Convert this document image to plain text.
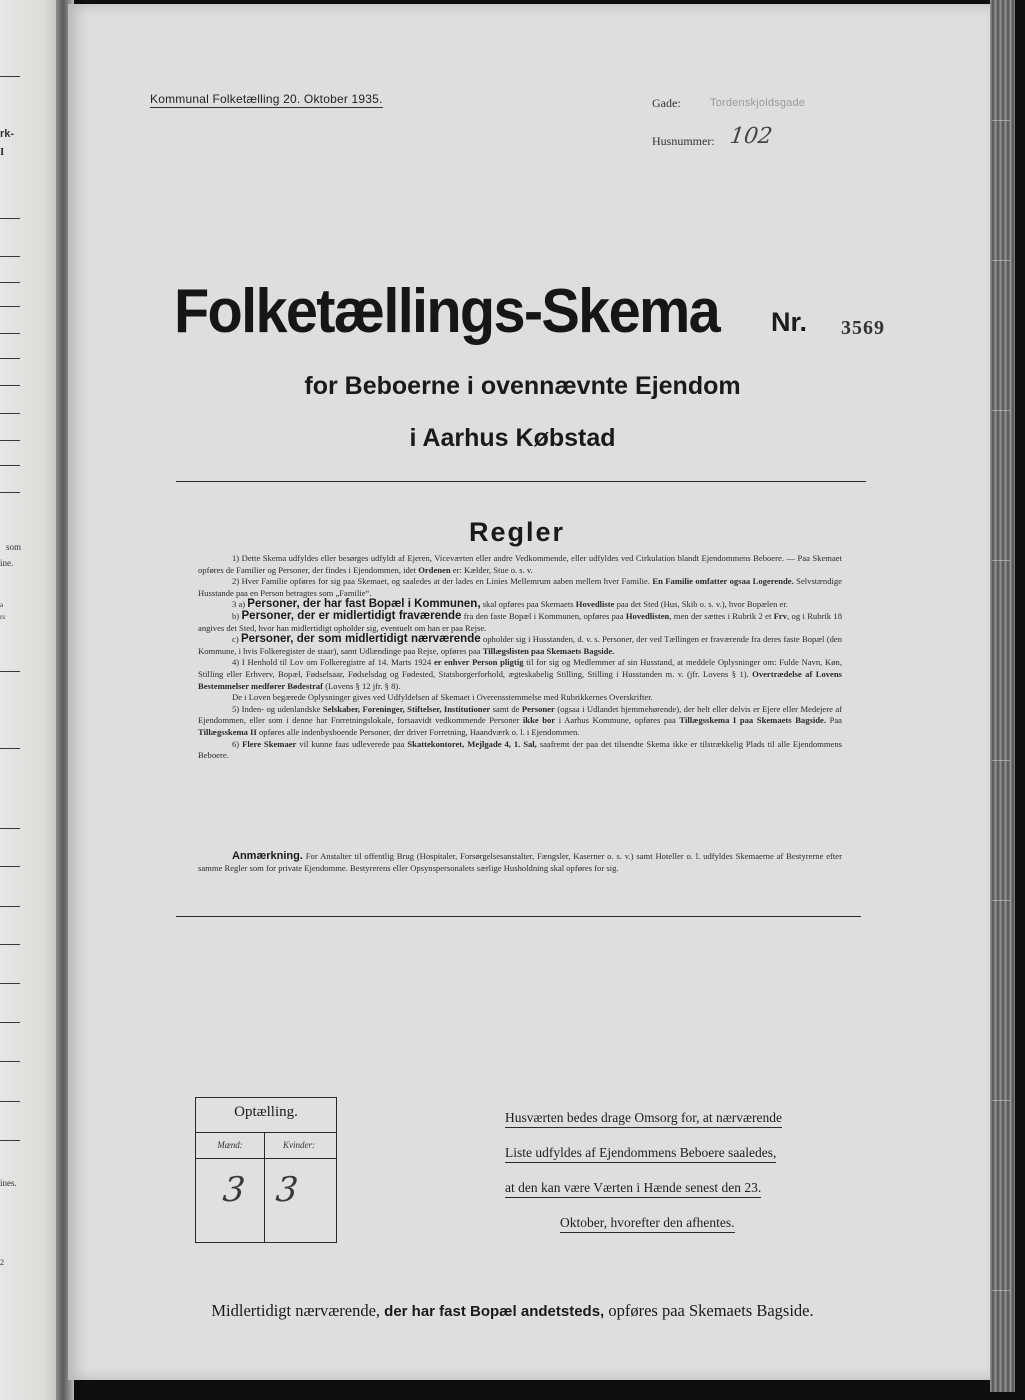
rk-
I
som
ine.
a
rs
ines.
2
Kommunal Folketælling 20. Oktober 1935.	Gade:	Tordenskjoldsgade
Husnummer: 102
Folketællings-Skema Nr. 3569
for Beboerne i ovennævnte Ejendom
i Aarhus Købstad
Regler

1) Dette Skema udfyldes eller besørges udfyldt af Ejeren, Viceværten eller andre Vedkommende, eller udfyldes ved Cirkulation blandt Ejendommens Beboere. — Paa Skemaet opføres de Familier og Personer, der findes i Ejendommen, idet Ordenen er: Kælder, Stue o. s. v.

2) Hver Familie opføres for sig paa Skemaet, og saaledes at der lades en Linies Mellemrum aaben mellem hver Familie. En Familie omfatter ogsaa Logerende. Selvstændige Husstande paa en Person betragtes som „Familie“.

3 a) Personer, der har fast Bopæl i Kommunen, skal opføres paa Skemaets Hovedliste paa det Sted (Hus, Skib o. s. v.), hvor Bopælen er.

b) Personer, der er midlertidigt fraværende fra den faste Bopæl i Kommunen, opføres paa Hovedlisten, men der sættes i Rubrik 2 et Frv, og i Rubrik 18 angives det Sted, hvor han midlertidigt opholder sig, eventuelt om han er paa Rejse.

c) Personer, der som midlertidigt nærværende opholder sig i Husstanden, d. v. s. Personer, der ved Tællingen er fraværende fra deres faste Bopæl (den Kommune, i hvis Folkeregister de staar), samt Udlændinge paa Rejse, opføres paa Tillægslisten paa Skemaets Bagside.

4) I Henhold til Lov om Folkeregistre af 14. Marts 1924 er enhver Person pligtig til for sig og Medlemmer af sin Husstand, at meddele Oplysninger om: Fulde Navn, Køn, Stilling eller Erhverv, Bopæl, Fødselsaar, Fødselsdag og Fødested, Statsborgerforhold, ægteskabelig Stilling, Stilling i Husstanden m. v. (jfr. Lovens § 1). Overtrædelse af Lovens Bestemmelser medfører Bødestraf (Lovens § 12 jfr. § 8).

De i Loven begærede Oplysninger gives ved Udfyldelsen af Skemaet i Overensstemmelse med Rubrikkernes Overskrifter.

5) Inden- og udenlandske Selskaber, Foreninger, Stiftelser, Institutioner samt de Personer (ogsaa i Udlandet hjemmehørende), der helt eller delvis er Ejere eller Medejere af Ejendommen, eller som i denne har Forretningslokale, forsaavidt vedkommende Personer ikke bor i Aarhus Kommune, opføres paa Tillægsskema I paa Skemaets Bagside. Paa Tillægsskema II opføres alle indenbysboende Personer, der driver Forretning, Haandværk o. l. i Ejendommen.

6) Flere Skemaer vil kunne faas udleverede paa Skattekontoret, Mejlgade 4, 1. Sal, saafremt der paa det tilsendte Skema ikke er tilstrækkelig Plads til alle Ejendommens Beboere.

Anmærkning. For Anstalter til offentlig Brug (Hospitaler, Forsørgelsesanstalter, Fængsler, Kaserner o. s. v.) samt Hoteller o. l. udfyldes Skemaerne af Bestyrerne efter samme Regler som for private Ejendomme. Bestyrerens eller Opsynspersonalets særlige Husholdning skal opføres for sig.

Optælling.
Mænd:	Kvinder:
3 3
Husværten bedes drage Omsorg for, at nærværende
Liste udfyldes af Ejendommens Beboere saaledes,
at den kan være Værten i Hænde senest den 23.
Oktober, hvorefter den afhentes.
Midlertidigt nærværende, der har fast Bopæl andetsteds, opføres paa Skemaets Bagside.
